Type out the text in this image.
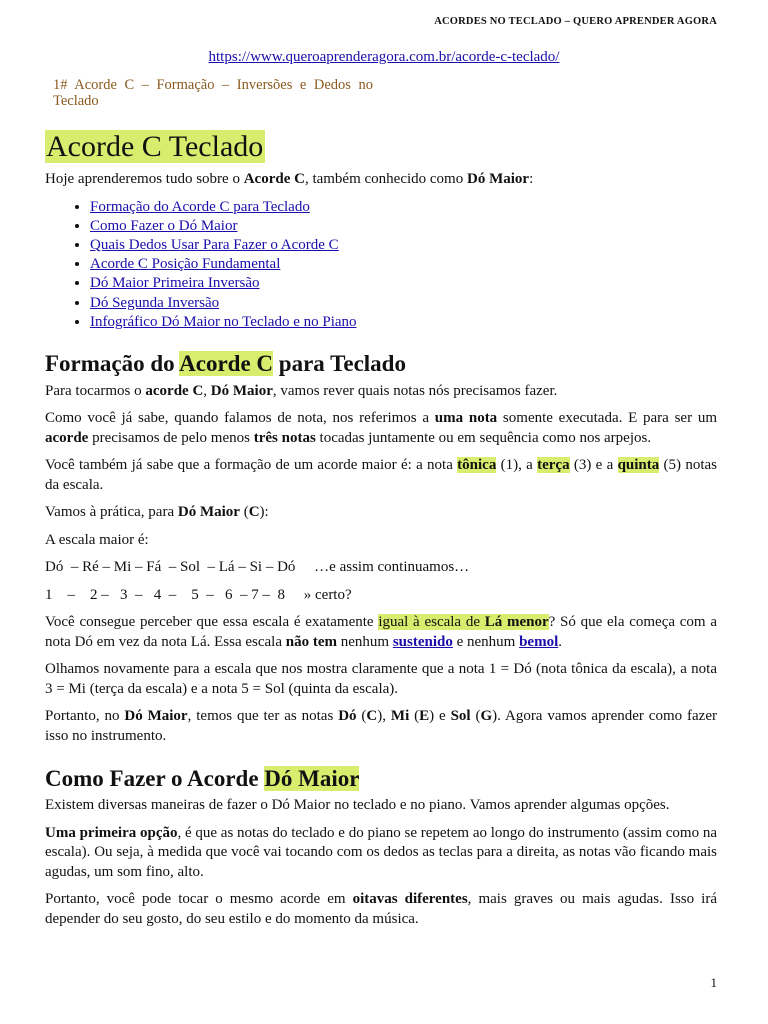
ACORDES NO TECLADO – QUERO APRENDER AGORA
https://www.queroaprenderagora.com.br/acorde-c-teclado/
1# Acorde C – Formação – Inversões e Dedos no Teclado
Acorde C Teclado

Hoje aprenderemos tudo sobre o Acorde C, também conhecido como Dó Maior:

• Formação do Acorde C para Teclado
• Como Fazer o Dó Maior
• Quais Dedos Usar Para Fazer o Acorde C
• Acorde C Posição Fundamental
• Dó Maior Primeira Inversão
• Dó Segunda Inversão
• Infográfico Dó Maior no Teclado e no Piano
Formação do Acorde C para Teclado

Para tocarmos o acorde C, Dó Maior, vamos rever quais notas nós precisamos fazer.

Como você já sabe, quando falamos de nota, nos referimos a uma nota somente executada. E para ser um acorde precisamos de pelo menos três notas tocadas juntamente ou em sequência como nos arpejos.

Você também já sabe que a formação de um acorde maior é: a nota tônica (1), a terça (3) e a quinta (5) notas da escala.

Vamos à prática, para Dó Maior (C):

A escala maior é:

Dó  – Ré – Mi – Fá  – Sol  – Lá – Si – Dó     …e assim continuamos…

1    –    2 –   3  –   4  –    5  –   6  – 7 –  8     » certo?

Você consegue perceber que essa escala é exatamente igual à escala de Lá menor? Só que ela começa com a nota Dó em vez da nota Lá. Essa escala não tem nenhum sustenido e nenhum bemol.

Olhamos novamente para a escala que nos mostra claramente que a nota 1 = Dó (nota tônica da escala), a nota 3 = Mi (terça da escala) e a nota 5 = Sol (quinta da escala).

Portanto, no Dó Maior, temos que ter as notas Dó (C), Mi (E) e Sol (G). Agora vamos aprender como fazer isso no instrumento.

Como Fazer o Acorde Dó Maior

Existem diversas maneiras de fazer o Dó Maior no teclado e no piano. Vamos aprender algumas opções.

Uma primeira opção, é que as notas do teclado e do piano se repetem ao longo do instrumento (assim como na escala). Ou seja, à medida que você vai tocando com os dedos as teclas para a direita, as notas vão ficando mais agudas, um som fino, alto.

Portanto, você pode tocar o mesmo acorde em oitavas diferentes, mais graves ou mais agudas. Isso irá depender do seu gosto, do seu estilo e do momento da música.

1
